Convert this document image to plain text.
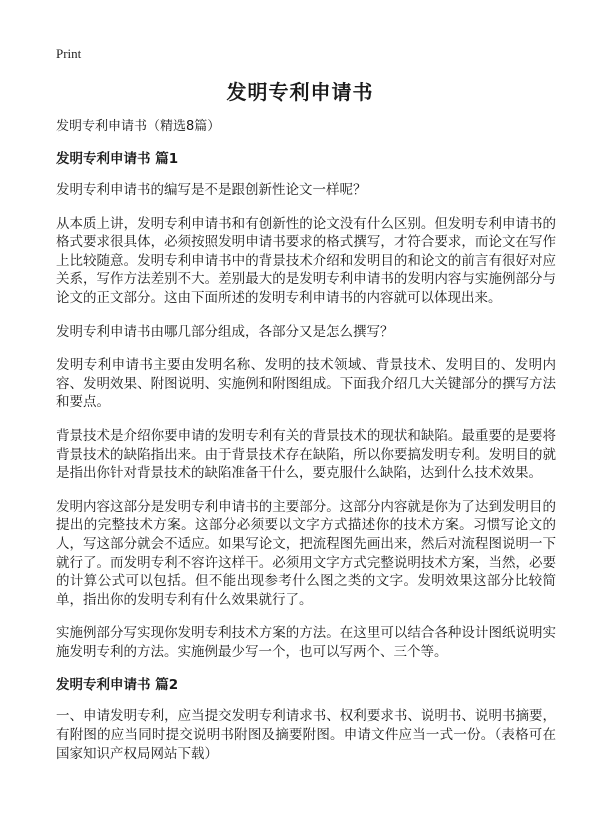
Print
发明专利申请书

发明专利申请书（精选8篇）

发明专利申请书 篇1

发明专利申请书的编写是不是跟创新性论文一样呢？

从本质上讲，发明专利申请书和有创新性的论文没有什么区别。但发明专利申请书的格式要求很具体，必须按照发明申请书要求的格式撰写，才符合要求，而论文在写作上比较随意。发明专利申请书中的背景技术介绍和发明目的和论文的前言有很好对应关系，写作方法差别不大。差别最大的是发明专利申请书的发明内容与实施例部分与论文的正文部分。这由下面所述的发明专利申请书的内容就可以体现出来。

发明专利申请书由哪几部分组成，各部分又是怎么撰写？

发明专利申请书主要由发明名称、发明的技术领域、背景技术、发明目的、发明内容、发明效果、附图说明、实施例和附图组成。下面我介绍几大关键部分的撰写方法和要点。

背景技术是介绍你要申请的发明专利有关的背景技术的现状和缺陷。最重要的是要将背景技术的缺陷指出来。由于背景技术存在缺陷，所以你要搞发明专利。发明目的就是指出你针对背景技术的缺陷准备干什么，要克服什么缺陷，达到什么技术效果。

发明内容这部分是发明专利申请书的主要部分。这部分内容就是你为了达到发明目的提出的完整技术方案。这部分必须要以文字方式描述你的技术方案。习惯写论文的人，写这部分就会不适应。如果写论文，把流程图先画出来，然后对流程图说明一下就行了。而发明专利不容许这样干。必须用文字方式完整说明技术方案，当然，必要的计算公式可以包括。但不能出现参考什么图之类的文字。发明效果这部分比较简单，指出你的发明专利有什么效果就行了。

实施例部分写实现你发明专利技术方案的方法。在这里可以结合各种设计图纸说明实施发明专利的方法。实施例最少写一个，也可以写两个、三个等。

发明专利申请书 篇2

一、申请发明专利，应当提交发明专利请求书、权利要求书、说明书、说明书摘要，有附图的应当同时提交说明书附图及摘要附图。申请文件应当一式一份。（表格可在国家知识产权局网站下载）
